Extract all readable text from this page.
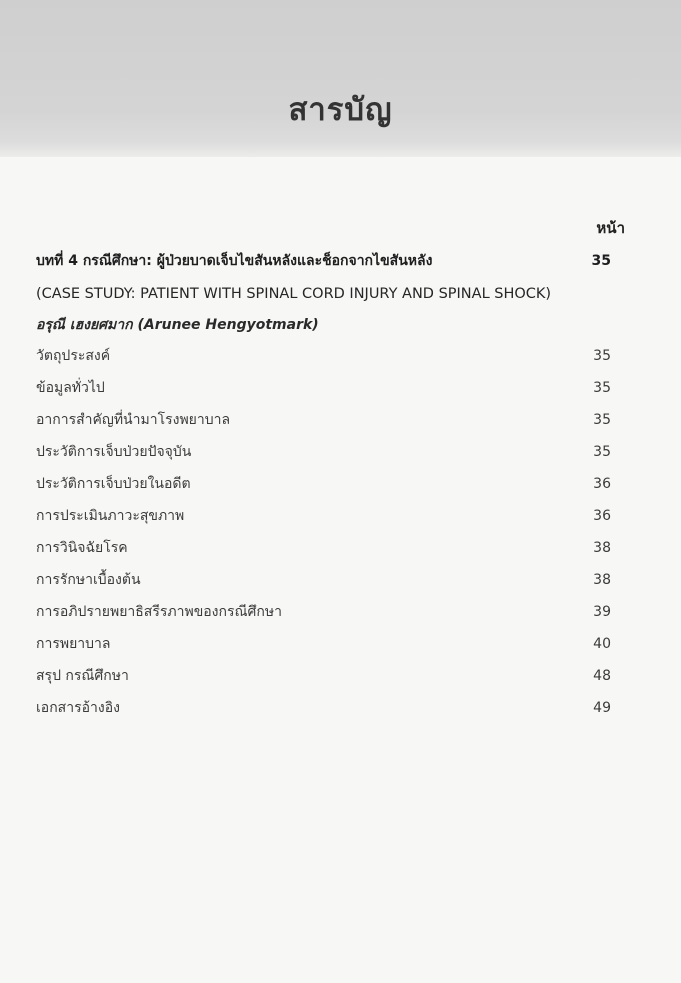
สารบัญ
หน้า
บทที่ 4 กรณีศึกษา: ผู้ป่วยบาดเจ็บไขสันหลังและช็อกจากไขสันหลัง	35
(CASE STUDY: PATIENT WITH SPINAL CORD INJURY AND SPINAL SHOCK)
อรุณี เฮงยศมาก (Arunee Hengyotmark)
วัตถุประสงค์	35
ข้อมูลทั่วไป	35
อาการสำคัญที่นำมาโรงพยาบาล	35
ประวัติการเจ็บป่วยปัจจุบัน	35
ประวัติการเจ็บป่วยในอดีต	36
การประเมินภาวะสุขภาพ	36
การวินิจฉัยโรค	38
การรักษาเบื้องต้น	38
การอภิปรายพยาธิสรีรภาพของกรณีศึกษา	39
การพยาบาล	40
สรุป กรณีศึกษา	48
เอกสารอ้างอิง	49
